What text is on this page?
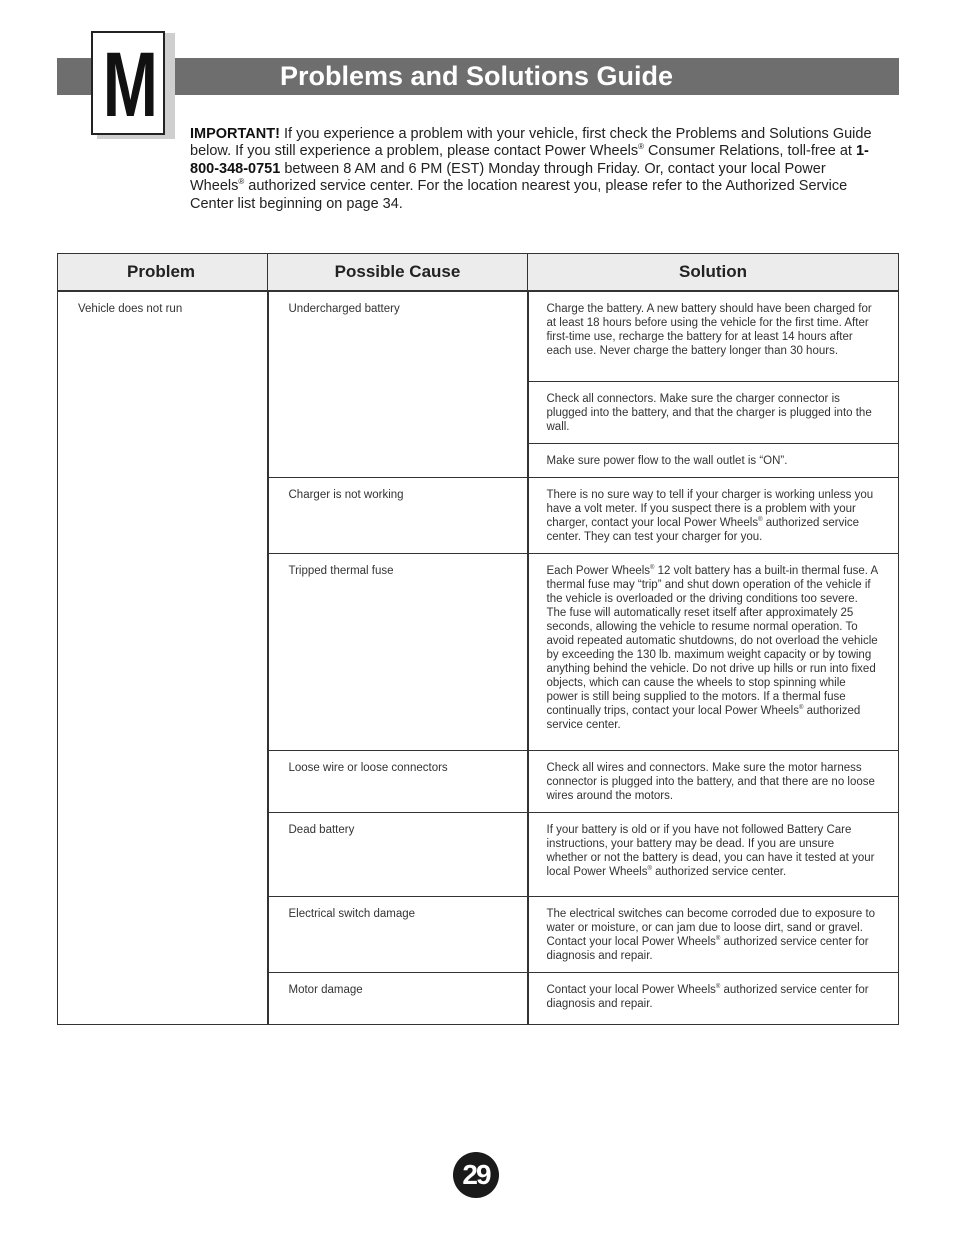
M	Problems and Solutions Guide

IMPORTANT! If you experience a problem with your vehicle, first check the Problems and Solutions Guide below. If you still experience a problem, please contact Power Wheels® Consumer Relations, toll-free at 1-800-348-0751 between 8 AM and 6 PM (EST) Monday through Friday. Or, contact your local Power Wheels® authorized service center. For the location nearest you, please refer to the Authorized Service Center list beginning on page 34.

Problem	Possible Cause	Solution
Vehicle does not run	Undercharged battery	Charge the battery. A new battery should have been charged for at least 18 hours before using the vehicle for the first time. After first-time use, recharge the battery for at least 14 hours after each use. Never charge the battery longer than 30 hours.
		Check all connectors. Make sure the charger connector is plugged into the battery, and that the charger is plugged into the wall.
		Make sure power flow to the wall outlet is “ON”.
	Charger is not working	There is no sure way to tell if your charger is working unless you have a volt meter. If you suspect there is a problem with your charger, contact your local Power Wheels® authorized service center. They can test your charger for you.
	Tripped thermal fuse	Each Power Wheels® 12 volt battery has a built-in thermal fuse. A thermal fuse may “trip” and shut down operation of the vehicle if the vehicle is overloaded or the driving conditions too severe. The fuse will automatically reset itself after approximately 25 seconds, allowing the vehicle to resume normal operation. To avoid repeated automatic shutdowns, do not overload the vehicle by exceeding the 130 lb. maximum weight capacity or by towing anything behind the vehicle. Do not drive up hills or run into fixed objects, which can cause the wheels to stop spinning while power is still being supplied to the motors. If a thermal fuse continually trips, contact your local Power Wheels® authorized service center.
	Loose wire or loose connectors	Check all wires and connectors. Make sure the motor harness connector is plugged into the battery, and that there are no loose wires around the motors.
	Dead battery	If your battery is old or if you have not followed Battery Care instructions, your battery may be dead. If you are unsure whether or not the battery is dead, you can have it tested at your local Power Wheels® authorized service center.
	Electrical switch damage	The electrical switches can become corroded due to exposure to water or moisture, or can jam due to loose dirt, sand or gravel. Contact your local Power Wheels® authorized service center for diagnosis and repair.
	Motor damage	Contact your local Power Wheels® authorized service center for diagnosis and repair.
29
